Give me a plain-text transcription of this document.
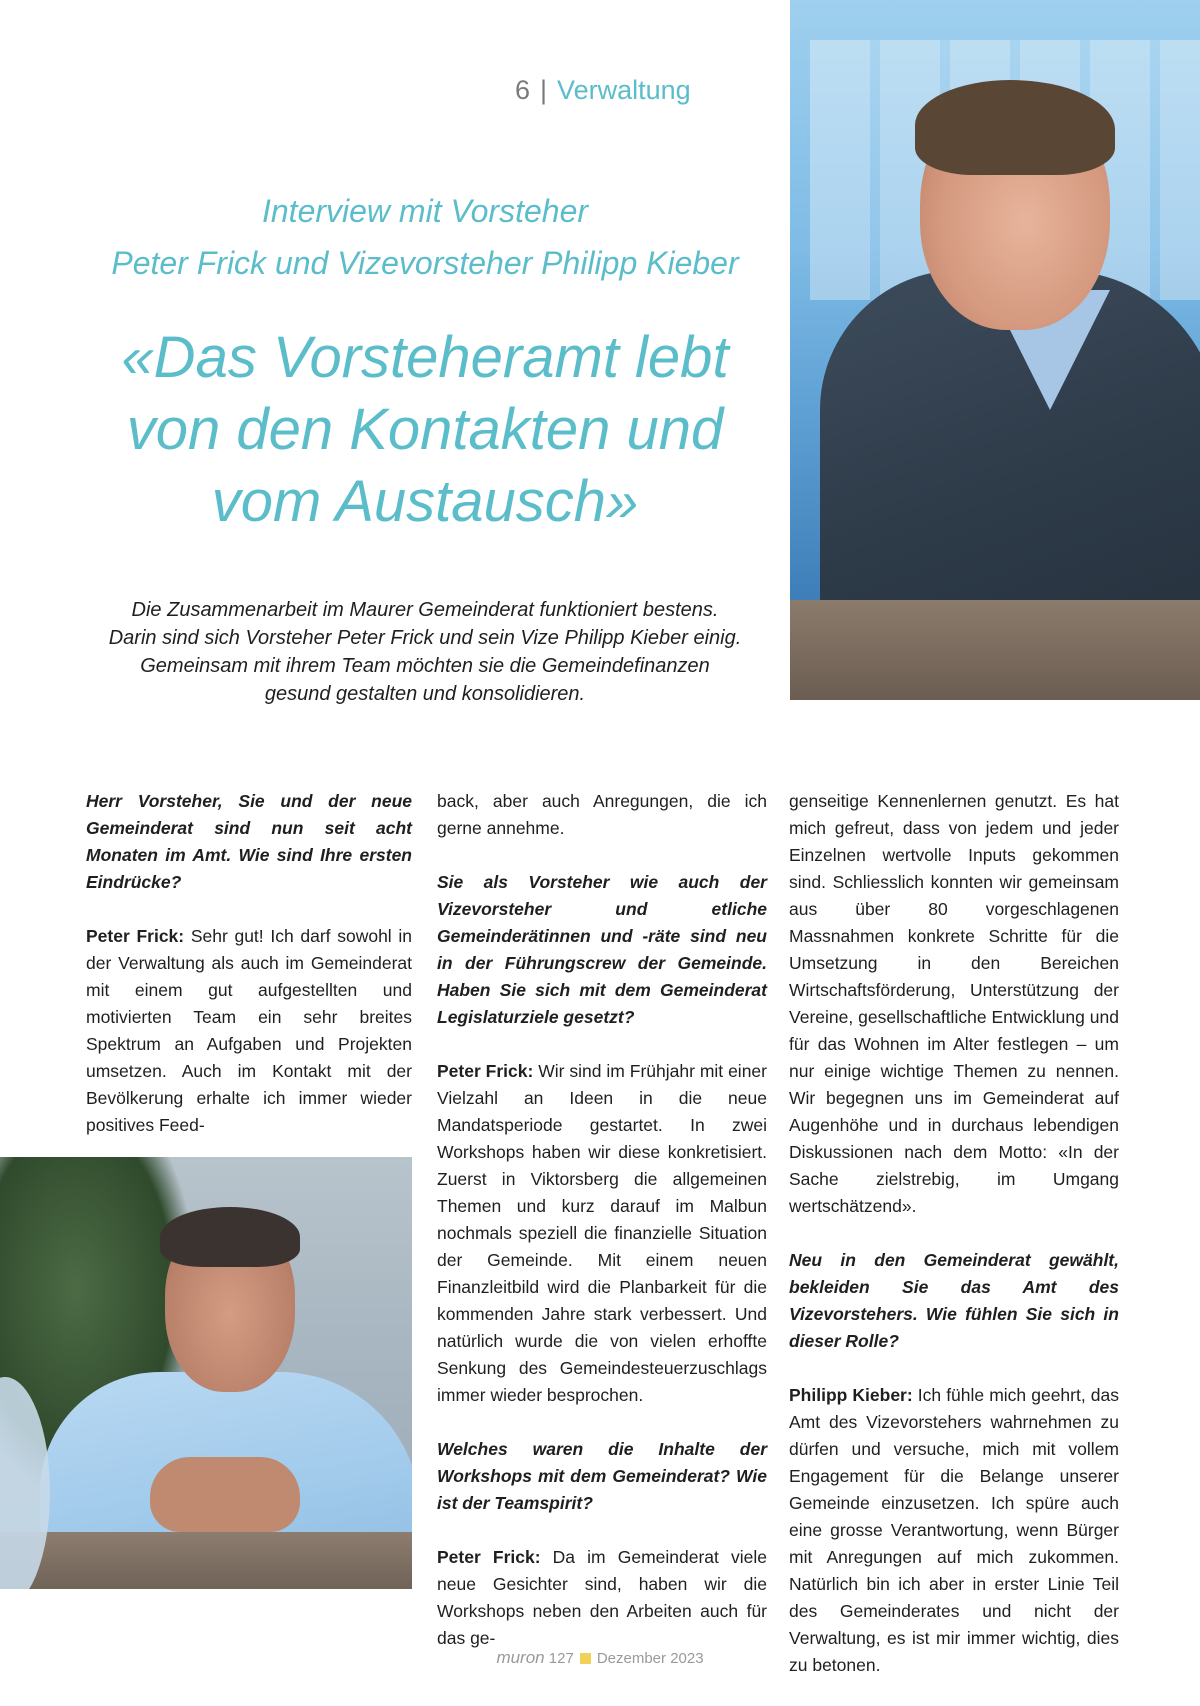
6 | Verwaltung
Interview mit Vorsteher
Peter Frick und Vizevorsteher Philipp Kieber
«Das Vorsteheramt lebt
von den Kontakten und
vom Austausch»
Die Zusammenarbeit im Maurer Gemeinderat funktioniert bestens.
Darin sind sich Vorsteher Peter Frick und sein Vize Philipp Kieber einig.
Gemeinsam mit ihrem Team möchten sie die Gemeindefinanzen
gesund gestalten und konsolidieren.

Herr Vorsteher, Sie und der neue Gemeinderat sind nun seit acht Monaten im Amt. Wie sind Ihre ersten Eindrücke?

Peter Frick: Sehr gut! Ich darf sowohl in der Verwaltung als auch im Gemeinderat mit einem gut aufgestellten und motivierten Team ein sehr breites Spektrum an Aufgaben und Projekten umsetzen. Auch im Kontakt mit der Bevölkerung erhalte ich immer wieder positives Feed-

back, aber auch Anregungen, die ich gerne annehme.

Sie als Vorsteher wie auch der Vizevorsteher und etliche Gemeinderätinnen und -räte sind neu in der Führungscrew der Gemeinde. Haben Sie sich mit dem Gemeinderat Legislaturziele gesetzt?

Peter Frick: Wir sind im Frühjahr mit einer Vielzahl an Ideen in die neue Mandatsperiode gestartet. In zwei Workshops haben wir diese konkretisiert. Zuerst in Viktorsberg die allgemeinen Themen und kurz darauf im Malbun nochmals speziell die finanzielle Situation der Gemeinde. Mit einem neuen Finanzleitbild wird die Planbarkeit für die kommenden Jahre stark verbessert. Und natürlich wurde die von vielen erhoffte Senkung des Gemeindesteuerzuschlags immer wieder besprochen.

Welches waren die Inhalte der Workshops mit dem Gemeinderat? Wie ist der Teamspirit?

Peter Frick: Da im Gemeinderat viele neue Gesichter sind, haben wir die Workshops neben den Arbeiten auch für das ge-

genseitige Kennenlernen genutzt. Es hat mich gefreut, dass von jedem und jeder Einzelnen wertvolle Inputs gekommen sind. Schliesslich konnten wir gemeinsam aus über 80 vorgeschlagenen Massnahmen konkrete Schritte für die Umsetzung in den Bereichen Wirtschaftsförderung, Unterstützung der Vereine, gesellschaftliche Entwicklung und für das Wohnen im Alter festlegen – um nur einige wichtige Themen zu nennen. Wir begegnen uns im Gemeinderat auf Augenhöhe und in durchaus lebendigen Diskussionen nach dem Motto: «In der Sache zielstrebig, im Umgang wertschätzend».

Neu in den Gemeinderat gewählt, bekleiden Sie das Amt des Vizevorstehers. Wie fühlen Sie sich in dieser Rolle?

Philipp Kieber: Ich fühle mich geehrt, das Amt des Vizevorstehers wahrnehmen zu dürfen und versuche, mich mit vollem Engagement für die Belange unserer Gemeinde einzusetzen. Ich spüre auch eine grosse Verantwortung, wenn Bürger mit Anregungen auf mich zukommen. Natürlich bin ich aber in erster Linie Teil des Gemeinderates und nicht der Verwaltung, es ist mir immer wichtig, dies zu betonen.

muron 127 Dezember 2023
